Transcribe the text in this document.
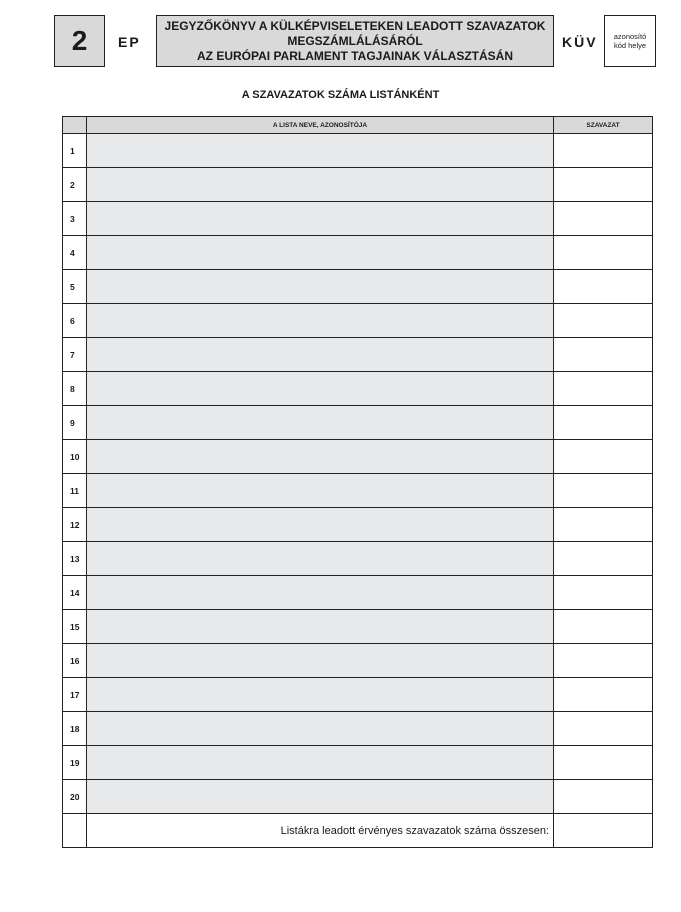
2 EP
JEGYZŐKÖNYV A KÜLKÉPVISELETEKEN LEADOTT SZAVAZATOK
MEGSZÁMLÁLÁSÁRÓL
AZ EURÓPAI PARLAMENT TAGJAINAK VÁLASZTÁSÁN
KÜV azonosító
kód helye
A SZAVAZATOK SZÁMA LISTÁNKÉNT
	A LISTA NEVE, AZONOSÍTÓJA	SZAVAZAT
1		
2		
3		
4		
5		
6		
7		
8		
9		
10		
11		
12		
13		
14		
15		
16		
17		
18		
19		
20		
	Listákra leadott érvényes szavazatok száma összesen:	
